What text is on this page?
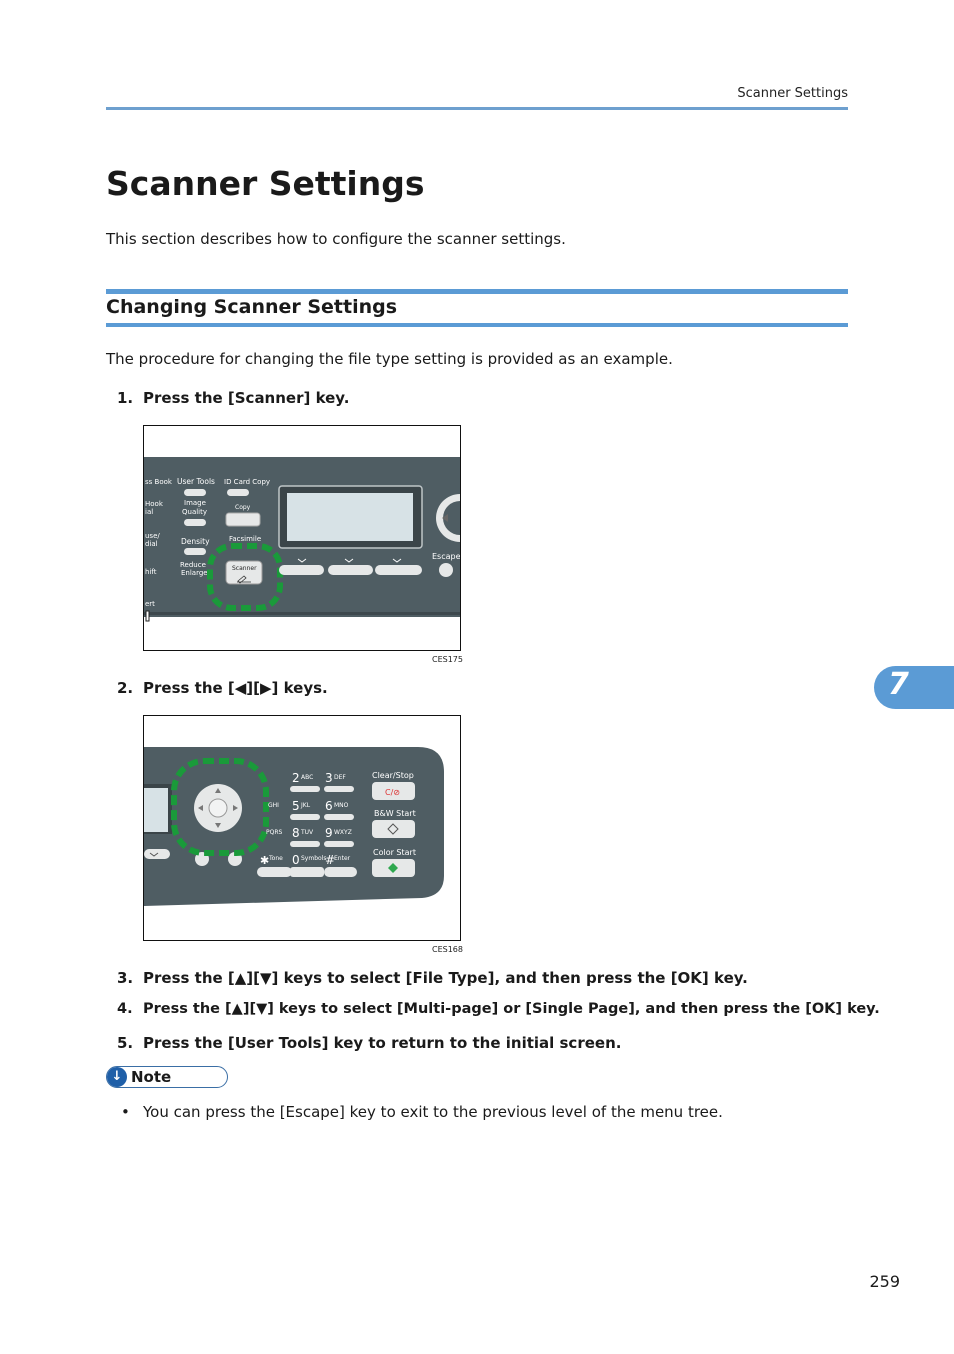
Scanner Settings
Scanner Settings
This section describes how to configure the scanner settings.
Changing Scanner Settings
The procedure for changing the file type setting is provided as an example.
1. Press the [Scanner] key.
ss Book User Tools ID Card Copy
Hook
ial
Image
Quality
Copy
use/
dial	Density	Facsimile
hift
Reduce
Enlarge
ert
Scanner
Escape
CES175
2. Press the [◀][▶] keys.
2 ABC 3 DEF
GHI 5 JKL 6 MNO
PQRS 8 TUV 9 WXYZ
✱ Tone 0 Symbols
#
Enter
Clear/Stop
C/⊘
B&W Start
Color Start
CES168
3. Press the [▲][▼] keys to select [File Type], and then press the [OK] key.
4. Press the [▲][▼] keys to select [Multi-page] or [Single Page], and then press the [OK] key.
5. Press the [User Tools] key to return to the initial screen.
↓ Note
• You can press the [Escape] key to exit to the previous level of the menu tree.
7
259
